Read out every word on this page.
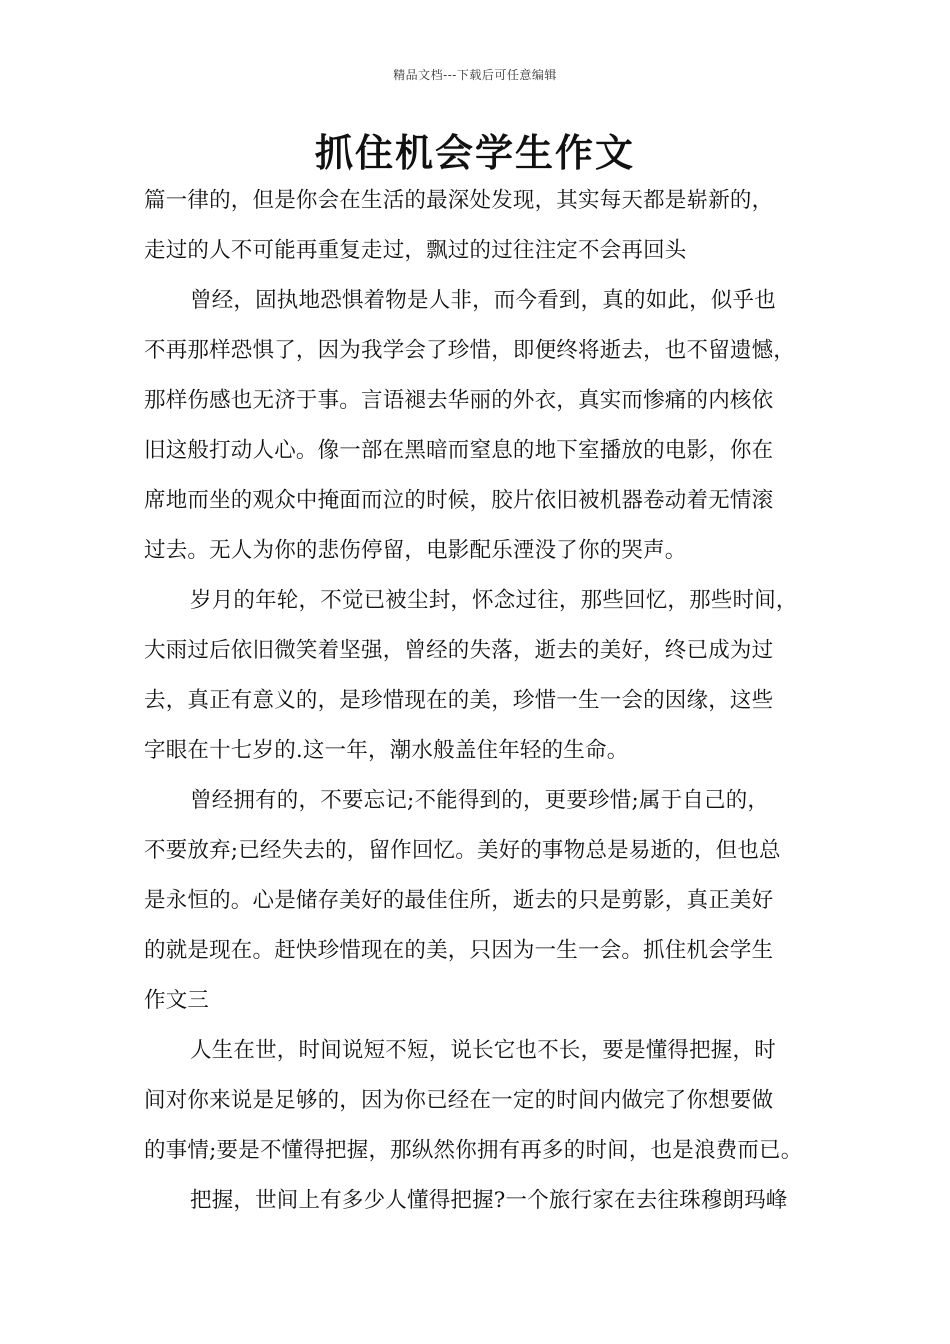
精品文档---下载后可任意编辑
抓住机会学生作文
篇一律的，但是你会在生活的最深处发现，其实每天都是崭新的，
走过的人不可能再重复走过，飘过的过往注定不会再回头
曾经，固执地恐惧着物是人非，而今看到，真的如此，似乎也
不再那样恐惧了，因为我学会了珍惜，即便终将逝去，也不留遗憾，
那样伤感也无济于事。言语褪去华丽的外衣，真实而惨痛的内核依
旧这般打动人心。像一部在黑暗而窒息的地下室播放的电影，你在
席地而坐的观众中掩面而泣的时候，胶片依旧被机器卷动着无情滚
过去。无人为你的悲伤停留，电影配乐湮没了你的哭声。
岁月的年轮，不觉已被尘封，怀念过往，那些回忆，那些时间，
大雨过后依旧微笑着坚强，曾经的失落，逝去的美好，终已成为过
去，真正有意义的，是珍惜现在的美，珍惜一生一会的因缘，这些
字眼在十七岁的.这一年，潮水般盖住年轻的生命。
曾经拥有的，不要忘记;不能得到的，更要珍惜;属于自己的，
不要放弃;已经失去的，留作回忆。美好的事物总是易逝的，但也总
是永恒的。心是储存美好的最佳住所，逝去的只是剪影，真正美好
的就是现在。赶快珍惜现在的美，只因为一生一会。抓住机会学生
作文三
人生在世，时间说短不短，说长它也不长，要是懂得把握，时
间对你来说是足够的，因为你已经在一定的时间内做完了你想要做
的事情;要是不懂得把握，那纵然你拥有再多的时间，也是浪费而已。
把握，世间上有多少人懂得把握?一个旅行家在去往珠穆朗玛峰
